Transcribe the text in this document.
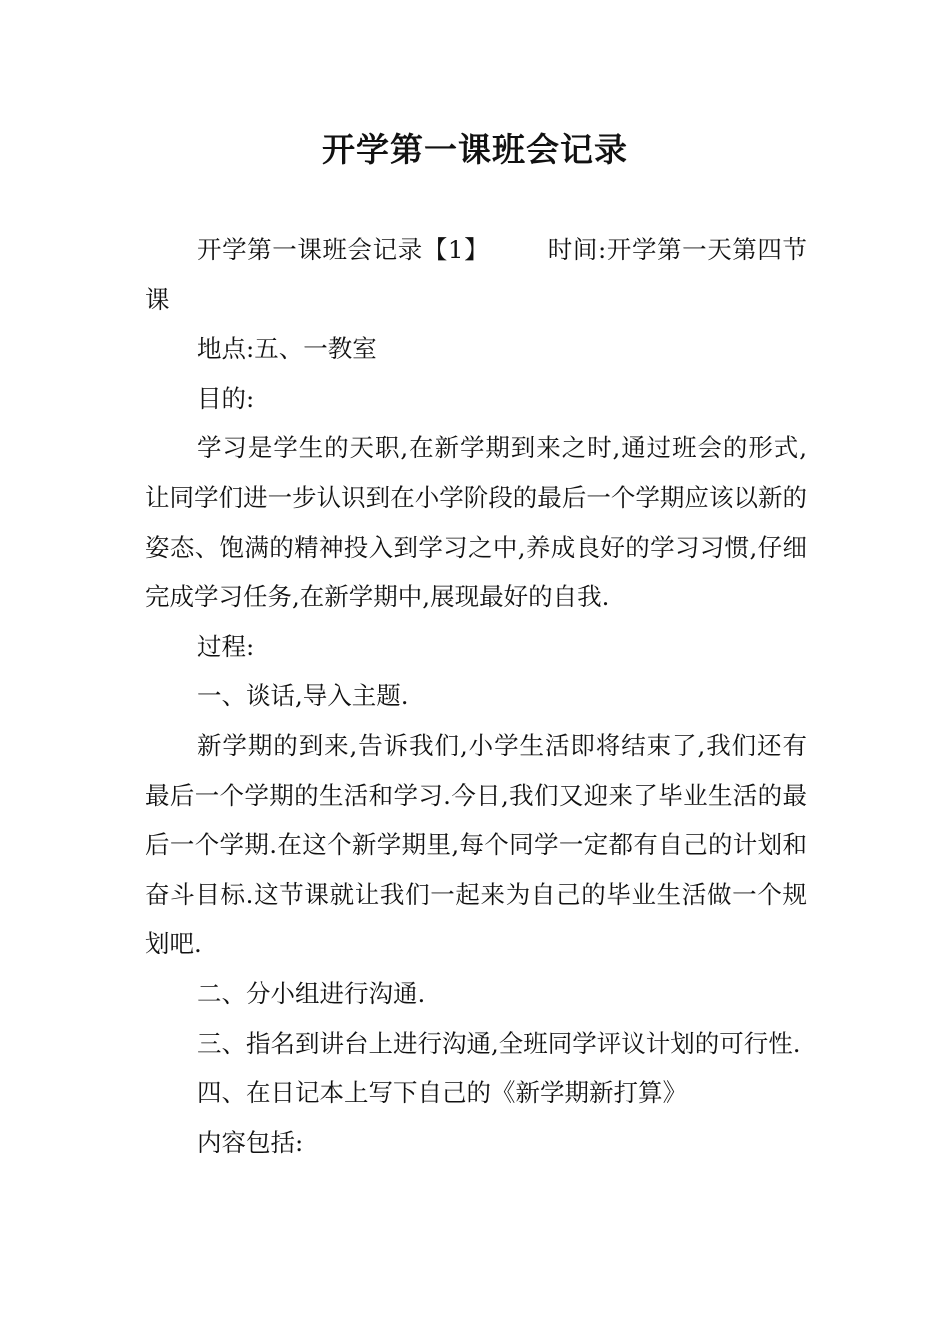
开学第一课班会记录

开学第一课班会记录【1】 时间:开学第一天第四节课

地点:五、一教室

目的:

学习是学生的天职,在新学期到来之时,通过班会的形式,让同学们进一步认识到在小学阶段的最后一个学期应该以新的姿态、饱满的精神投入到学习之中,养成良好的学习习惯,仔细完成学习任务,在新学期中,展现最好的自我.

过程:

一、谈话,导入主题.

新学期的到来,告诉我们,小学生活即将结束了,我们还有最后一个学期的生活和学习.今日,我们又迎来了毕业生活的最后一个学期.在这个新学期里,每个同学一定都有自己的计划和奋斗目标.这节课就让我们一起来为自己的毕业生活做一个规划吧.

二、分小组进行沟通.

三、指名到讲台上进行沟通,全班同学评议计划的可行性.

四、在日记本上写下自己的《新学期新打算》

内容包括:
